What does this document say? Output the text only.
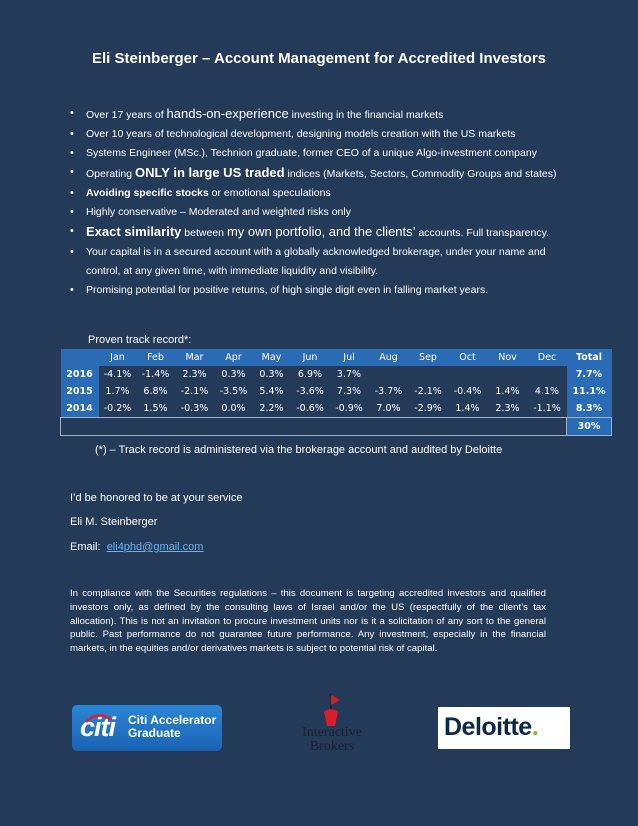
Eli Steinberger – Account Management for Accredited Investors
• Over 17 years of hands-on-experience investing in the financial markets
• Over 10 years of technological development, designing models creation with the US markets
• Systems Engineer (MSc.), Technion graduate, former CEO of a unique Algo-investment company
• Operating ONLY in large US traded indices (Markets, Sectors, Commodity Groups and states)
• Avoiding specific stocks or emotional speculations
• Highly conservative – Moderated and weighted risks only
• Exact similarity between my own portfolio, and the clients’ accounts. Full transparency.
• Your capital is in a secured account with a globally acknowledged brokerage, under your name and control, at any given time, with immediate liquidity and visibility.
• Promising potential for positive returns, of high single digit even in falling market years.
Proven track record*:
	Jan	Feb	Mar	Apr	May	Jun	Jul	Aug	Sep	Oct	Nov	Dec	Total
2016	-4.1%	-1.4%	2.3%	0.3%	0.3%	6.9%	3.7%						7.7%
2015	1.7%	6.8%	-2.1%	-3.5%	5.4%	-3.6%	7.3%	-3.7%	-2.1%	-0.4%	1.4%	4.1%	11.1%
2014	-0.2%	1.5%	-0.3%	0.0%	2.2%	-0.6%	-0.9%	7.0%	-2.9%	1.4%	2.3%	-1.1%	8.3%
													30%
(*) – Track record is administered via the brokerage account and audited by Deloitte
I’d be honored to be at your service
Eli M. Steinberger
Email: eli4phd@gmail.com
In compliance with the Securities regulations – this document is targeting accredited investors and qualified investors only, as defined by the consulting laws of Israel and/or the US (respectfully of the client’s tax allocation). This is not an invitation to procure investment units nor is it a solicitation of any sort to the general public. Past performance do not guarantee future performance. Any investment, especially in the financial markets, in the equities and/or derivatives markets is subject to potential risk of capital.
citi Citi Accelerator
Graduate	Interactive
Brokers
Deloitte.
